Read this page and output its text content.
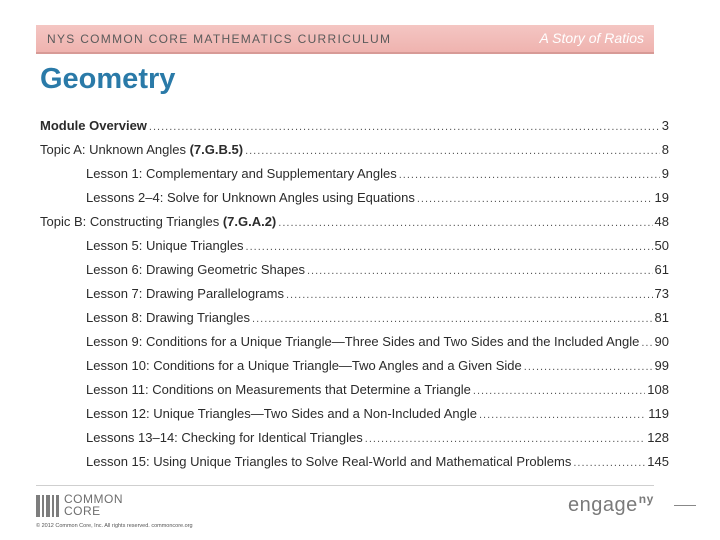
NYS COMMON CORE MATHEMATICS CURRICULUM	A Story of Ratios
Geometry
Module Overview .....	3
Topic A: Unknown Angles (7.G.B.5) .....	8
Lesson 1: Complementary and Supplementary Angles .....	9
Lessons 2–4: Solve for Unknown Angles using Equations .....	19
Topic B: Constructing Triangles (7.G.A.2) .....	48
Lesson 5: Unique Triangles .....	50
Lesson 6: Drawing Geometric Shapes .....	61
Lesson 7: Drawing Parallelograms .....	73
Lesson 8: Drawing Triangles .....	81
Lesson 9: Conditions for a Unique Triangle—Three Sides and Two Sides and the Included Angle ..... 90
Lesson 10: Conditions for a Unique Triangle—Two Angles and a Given Side .....	99
Lesson 11: Conditions on Measurements that Determine a Triangle .....	108
Lesson 12: Unique Triangles—Two Sides and a Non-Included Angle .....	119
Lessons 13–14: Checking for Identical Triangles .....	128
Lesson 15: Using Unique Triangles to Solve Real-World and Mathematical Problems .....	145
COMMON
CORE
© 2012 Common Core, Inc. All rights reserved. commoncore.org
engage$^{ny}$
